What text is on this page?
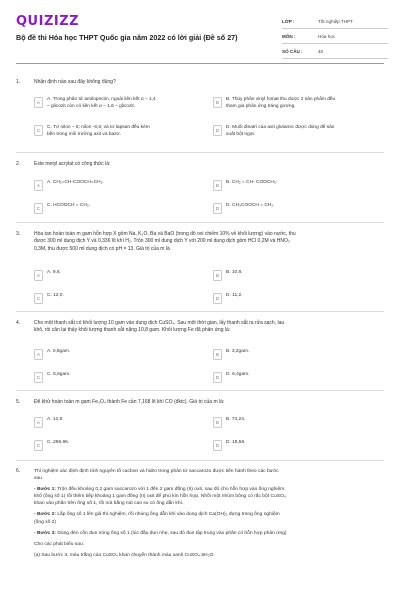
QUIZIZZ
Bộ đề thi Hóa học THPT Quốc gia năm 2022 có lời giải (Đề số 27)
LỚP :	Tốt nghiệp THPT
MÔN :	Hóa học
SỐ CÂU :	40
1.	Nhận định nào sau đây không đúng?
A
A. Trong phân tử amilopectin, ngoài liên kết α – 1,4
– glicozit còn có liên kết α – 1,6 – glicozit.
B
B. Thủy phân vinyl fomat thu được 2 sản phẩm đều
tham gia phản ứng tráng gương.
C
C. Tơ nilon – 6; nilon -6,6; và tơ lapsan đều kém
bền trong môi trường axit và bazơ.
D
D. Muối đinatri của axit glutamic được dùng để sản
xuất bột ngọt.
2.	Este metyl acrylat có công thức là:
A
A. CH₂=CH-COOCH=CH₂.
B
B. CH₂ = CH- COOCH₃.
C
C. HCOOCH = CH₂.
D
D. CH₃COOCH = CH₂.
3.	Hòa tan hoàn toàn m gam hỗn hợp X gồm Na, K₂O, Ba và BaO (trong đó oxi chiếm 10% về khối lượng) vào nước, thu
được 300 ml dung dịch Y và 0,336 lít khí H₂. Trộn 300 ml dung dịch Y với 200 ml dung dịch gồm HCl 0,2M và HNO₃
0,3M, thu được 500 ml dung dịch có pH = 13. Giá trị của m là
A
A. 9,6.
B
B. 10,8.
C
C. 12,0.
D
D. 11,2.
4.	Cho một thanh sắt có khối lượng 10 gam vào dung dịch CuSO₄. Sau một thời gian, lấy thanh sắt ra rửa sạch, lau
khô, rồi cân lại thấy khối lượng thanh sắt nặng 10,8 gam. Khối lượng Fe đã phản ứng là:
A
A. 0,8gam.
B
B. 3,2gam.
C
C. 5,6gam.
D
D. 6,4gam.
5.	Để khử hoàn toàn m gam Fe₃O₄ thành Fe cần 7,168 lít khí CO (đktc). Giá trị của m là:
A
A. 12,8
B
B. 74,24.
C
C. 296,96.
D
D. 18,56.
6.	Thí nghiệm xác định định tính nguyên tố cacbon và hidro trong phân tử saccarozo được tiến hành theo các bước
sau
- Bước 1: Trộn đều khoảng 0,2 gam saccarozo với 1 đến 2 gam đồng (II) oxit, sau đó cho hỗn hợp vào ống nghiệm
khô (ống số 1) rồi thêm tiếp khoảng 1 gam đồng (II) oxit để phủ kín hỗn hợp. Nhồi một nhúm bông có rắc bột CuSO₄
khan vào phần trên ống số 1, rồi nút bằng nút cao su có ống dẫn khí.
- Bước 2: Lắp ống số 1 lên giá thí nghiệm, rồi nhúng ống dẫn khí vào dung dịch Ca(OH)₂ đựng trong ống nghiệm
(ống số 2)
- Bước 3: Dùng đèn cồn đun nóng ống số 1 (lúc đầu đun nhẹ, sau đó đun tập trung vào phần có hỗn hợp phản ứng)
Cho các phát biểu sau:
(a) Sau bước 3, màu trắng của CuSO₄ khan chuyển thành màu xanh CuSO₄.5H₂O.
